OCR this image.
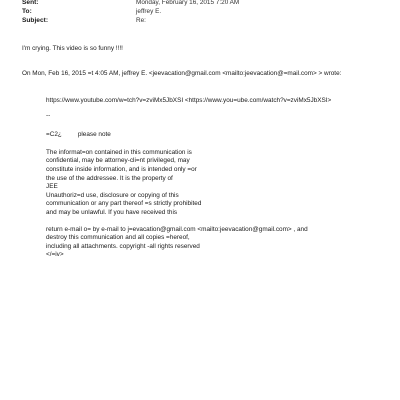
Sent:	Monday, February 16, 2015 7:20 AM
To:	jeffrey E.
Subject:	Re:
I'm crying. This video is so funny !!!!
On Mon, Feb 16, 2015 =t 4:05 AM, jeffrey E. <jeevacation@gmail.com <mailto:jeevacation@=mail.com> > wrote:
https://www.youtube.com/w=tch?v=zviMx5JbXSI <https://www.you=ube.com/watch?v=zviMx5JbXSI>
--
=C2¿	please note
The informat=on contained in this communication is
confidential, may be attorney-cli=nt privileged, may
constitute inside information, and is intended only =or
the use of the addressee. It is the property of
JEE
Unauthoriz=d use, disclosure or copying of this
communication or any part thereof =s strictly prohibited
and may be unlawful. If you have received this
return e-mail o= by e-mail to j=evacation@gmail.com <mailto:jeevacation@gmail.com> , and
destroy this communication and all copies =hereof,
including all attachments. copyright -all rights reserved
</=iv>
